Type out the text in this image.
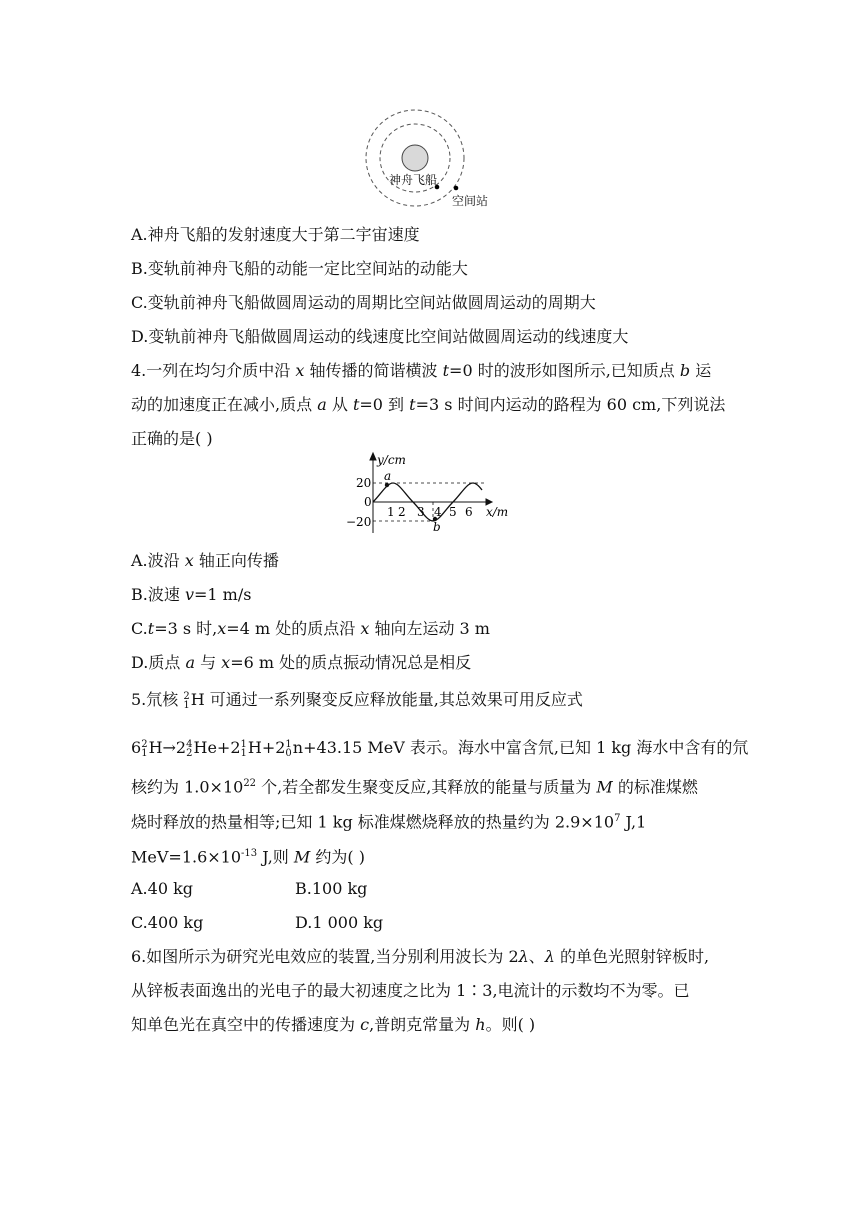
神舟飞船
空间站
A.神舟飞船的发射速度大于第二宇宙速度
B.变轨前神舟飞船的动能一定比空间站的动能大
C.变轨前神舟飞船做圆周运动的周期比空间站做圆周运动的周期大
D.变轨前神舟飞船做圆周运动的线速度比空间站做圆周运动的线速度大
4.一列在均匀介质中沿 x 轴传播的简谐横波 t=0 时的波形如图所示,已知质点 b 运
动的加速度正在减小,质点 a 从 t=0 到 t=3 s 时间内运动的路程为 60 cm,下列说法
正确的是( )
y/cm
x/m
20
0
−20
1 2 3 4 5 6
a
b
A.波沿 x 轴正向传播
B.波速 v=1 m/s
C.t=3 s 时,x=4 m 处的质点沿 x 轴向左运动 3 m
D.质点 a 与 x=6 m 处的质点振动情况总是相反
5.氘核 2
1 H 可通过一系列聚变反应释放能量,其总效果可用反应式
6 2
1 H→2 4
2 He+2 1
1 H+2 1
0 n+43.15 MeV 表示。海水中富含氘,已知 1 kg 海水中含有的氘
核约为 $1.0\times 10^{22}$ 个,若全都发生聚变反应,其释放的能量与质量为 M 的标准煤燃
烧时释放的热量相等;已知 1 kg 标准煤燃烧释放的热量约为 $2.9\times 10^7$ J,1
$MeV=1.6\times 10^{-13}$ J,则 M 约为( )
A.40 kg	B.100 kg
C.400 kg	D.1 000 kg
6.如图所示为研究光电效应的装置,当分别利用波长为 2λ、λ 的单色光照射锌板时,
从锌板表面逸出的光电子的最大初速度之比为 1∶3,电流计的示数均不为零。已
知单色光在真空中的传播速度为 c,普朗克常量为 h。则( )
